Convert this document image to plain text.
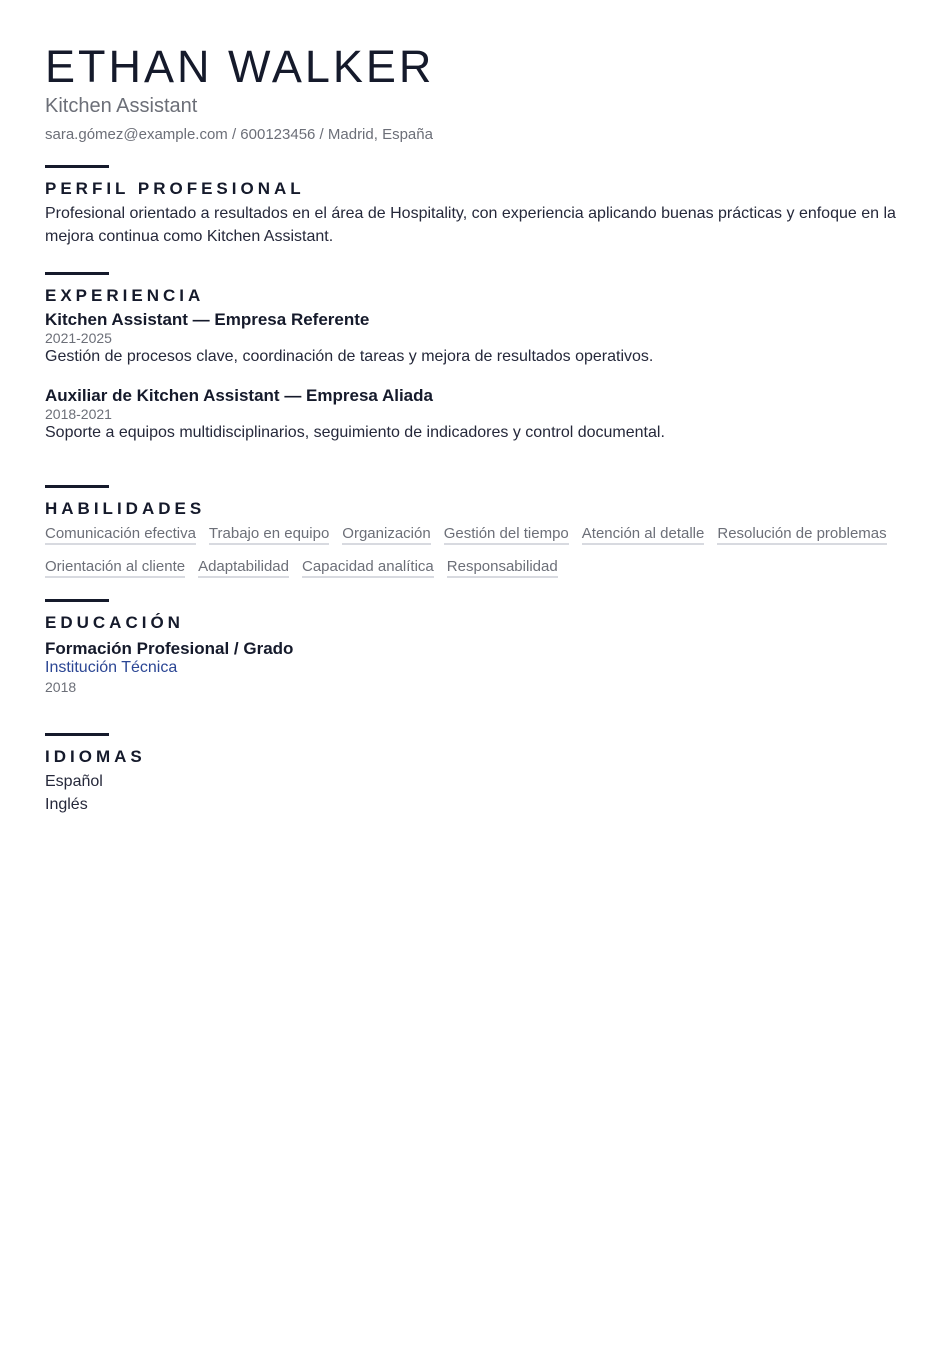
ETHAN WALKER
Kitchen Assistant
sara.gómez@example.com / 600123456 / Madrid, España
PERFIL PROFESIONAL
Profesional orientado a resultados en el área de Hospitality, con experiencia aplicando buenas prácticas y enfoque en la mejora continua como Kitchen Assistant.
EXPERIENCIA
Kitchen Assistant — Empresa Referente
2021-2025
Gestión de procesos clave, coordinación de tareas y mejora de resultados operativos.
Auxiliar de Kitchen Assistant — Empresa Aliada
2018-2021
Soporte a equipos multidisciplinarios, seguimiento de indicadores y control documental.
HABILIDADES
Comunicación efectiva Trabajo en equipo Organización Gestión del tiempo Atención al detalle Resolución de problemas
Orientación al cliente Adaptabilidad Capacidad analítica Responsabilidad
EDUCACIÓN
Formación Profesional / Grado
Institución Técnica
2018
IDIOMAS
Español
Inglés
